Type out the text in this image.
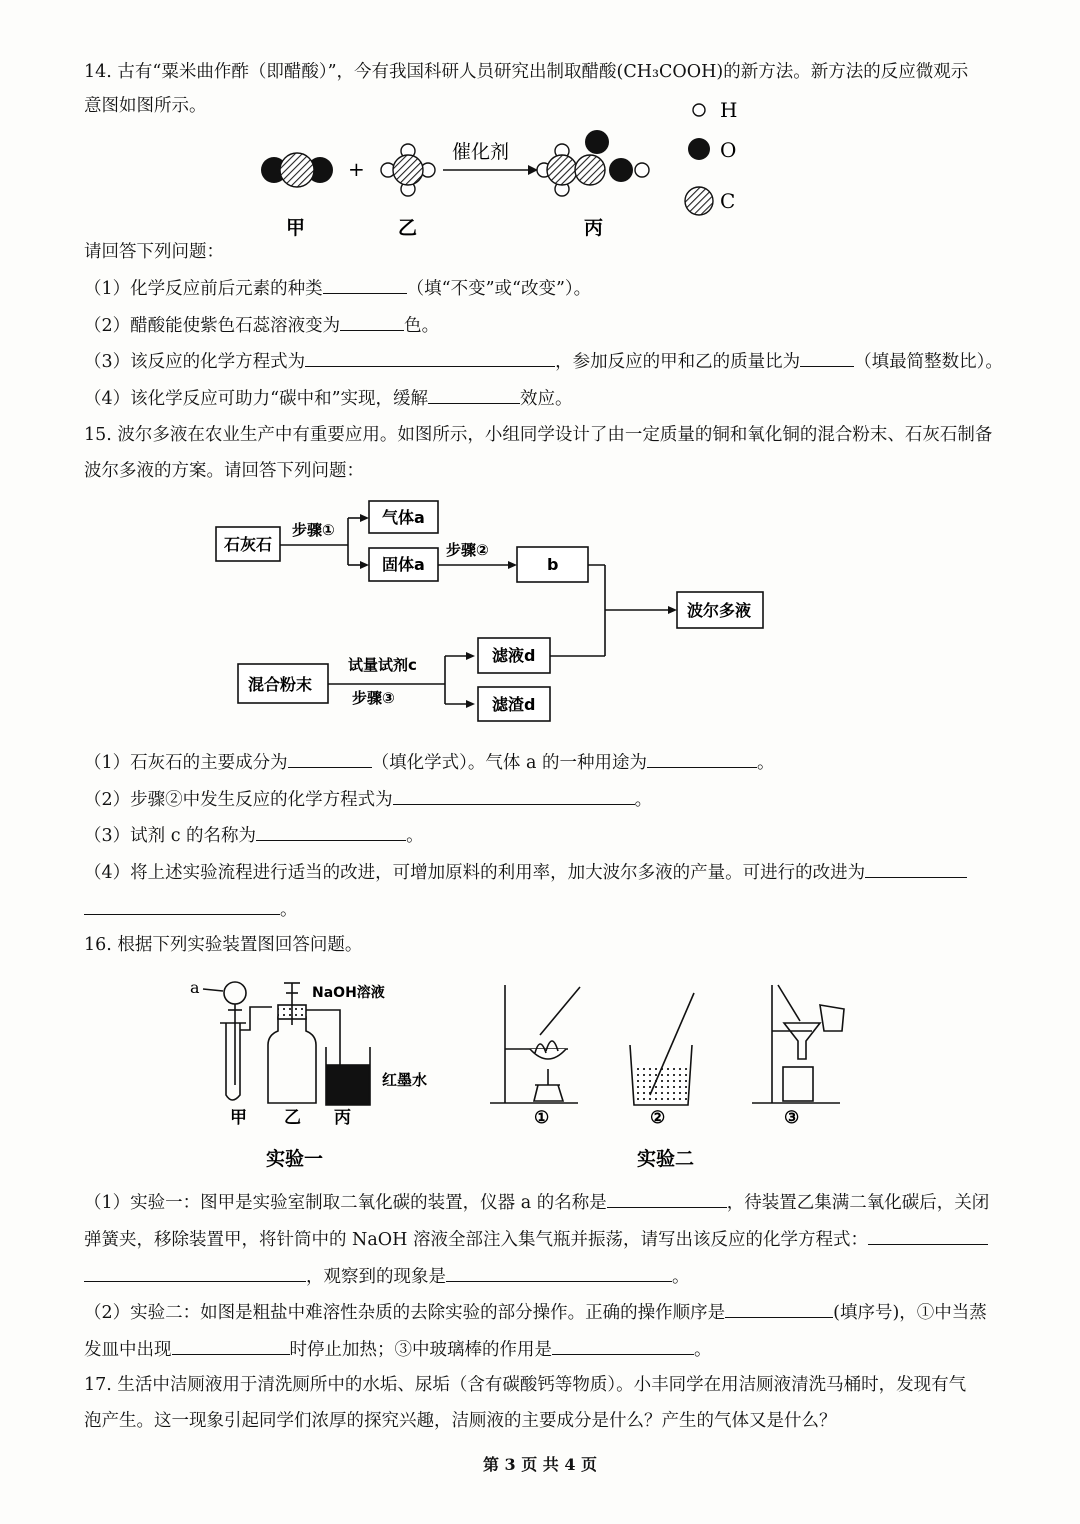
14. 古有“粟米曲作酢（即醋酸）”，今有我国科研人员研究出制取醋酸(CH₃COOH)的新方法。新方法的反应微观示
意图如图所示。
+
催化剂
甲	乙	丙
H
O
C
请回答下列问题：
（1）化学反应前后元素的种类	（填“不变”或“改变”）。
（2）醋酸能使紫色石蕊溶液变为	色。
（3）该反应的化学方程式为	，参加反应的甲和乙的质量比为	（填最简整数比）。
（4）该化学反应可助力“碳中和”实现，缓解	效应。
15. 波尔多液在农业生产中有重要应用。如图所示，小组同学设计了由一定质量的铜和氧化铜的混合粉末、石灰石制备
波尔多液的方案。请回答下列问题：
石灰石
步骤①
气体a
固体a
步骤②
b
波尔多液
混合粉末
试量试剂c
步骤③
滤液d
滤渣d
（1）石灰石的主要成分为	（填化学式）。气体 a 的一种用途为	。
（2）步骤②中发生反应的化学方程式为	。
（3）试剂 c 的名称为	。
（4）将上述实验流程进行适当的改进，可增加原料的利用率，加大波尔多液的产量。可进行的改进为
。
16. 根据下列实验装置图回答问题。
a	NaOH溶液
红墨水
甲 乙 丙	①	②	③
实验一	实验二
（1）实验一：图甲是实验室制取二氧化碳的装置，仪器 a 的名称是	，待装置乙集满二氧化碳后，关闭
弹簧夹，移除装置甲，将针筒中的 NaOH 溶液全部注入集气瓶并振荡，请写出该反应的化学方程式：
，观察到的现象是	。
（2）实验二：如图是粗盐中难溶性杂质的去除实验的部分操作。正确的操作顺序是	(填序号)，①中当蒸
发皿中出现	时停止加热；③中玻璃棒的作用是	。
17. 生活中洁厕液用于清洗厕所中的水垢、尿垢（含有碳酸钙等物质）。小丰同学在用洁厕液清洗马桶时，发现有气
泡产生。这一现象引起同学们浓厚的探究兴趣，洁厕液的主要成分是什么？产生的气体又是什么？
第 3 页 共 4 页
